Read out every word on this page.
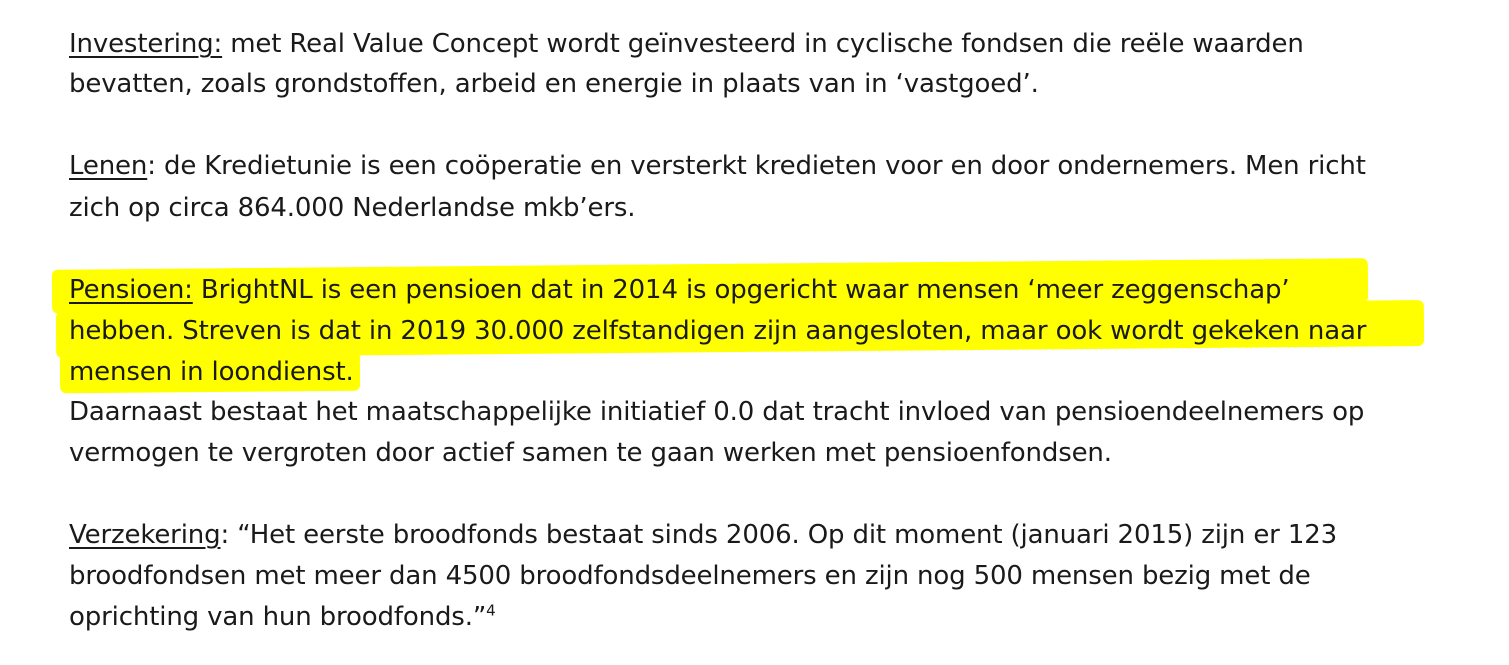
Investering: met Real Value Concept wordt geïnvesteerd in cyclische fondsen die reële waarden
bevatten, zoals grondstoffen, arbeid en energie in plaats van in ‘vastgoed’.
Lenen: de Kredietunie is een coöperatie en versterkt kredieten voor en door ondernemers. Men richt
zich op circa 864.000 Nederlandse mkb’ers.
Pensioen: BrightNL is een pensioen dat in 2014 is opgericht waar mensen ‘meer zeggenschap’
hebben. Streven is dat in 2019 30.000 zelfstandigen zijn aangesloten, maar ook wordt gekeken naar
mensen in loondienst.
Daarnaast bestaat het maatschappelijke initiatief 0.0 dat tracht invloed van pensioendeelnemers op
vermogen te vergroten door actief samen te gaan werken met pensioenfondsen.
Verzekering: “Het eerste broodfonds bestaat sinds 2006. Op dit moment (januari 2015) zijn er 123
broodfondsen met meer dan 4500 broodfondsdeelnemers en zijn nog 500 mensen bezig met de
oprichting van hun broodfonds.”$^4$
